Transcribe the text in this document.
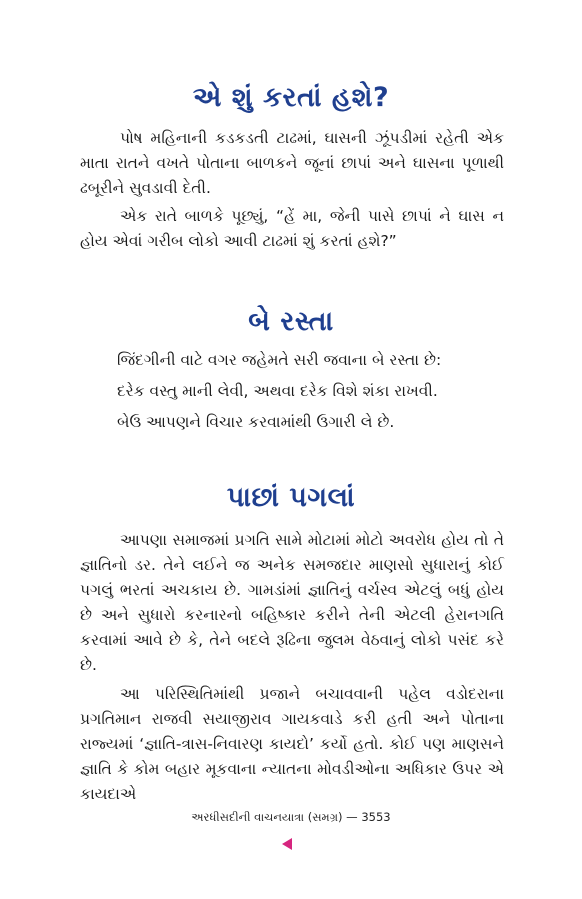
એ શું કરતાં હશે?
પોષ મહિનાની કડકડતી ટાઢમાં, ઘાસની ઝૂંપડીમાં રહેતી એક માતા રાતને વખતે પોતાના બાળકને જૂનાં છાપાં અને ઘાસના પૂળાથી ઢબૂરીને સુવડાવી દેતી.
એક રાતે બાળકે પૂછ્યું, “હેં મા, જેની પાસે છાપાં ને ઘાસ ન હોય એવાં ગરીબ લોકો આવી ટાઢમાં શું કરતાં હશે?”
બે રસ્તા
જિંદગીની વાટે વગર જહેમતે સરી જવાના બે રસ્તા છે:
દરેક વસ્તુ માની લેવી, અથવા દરેક વિશે શંકા રાખવી.
બેઉ આપણને વિચાર કરવામાંથી ઉગારી લે છે.
પાછાં પગલાં
આપણા સમાજમાં પ્રગતિ સામે મોટામાં મોટો અવરોધ હોય તો તે જ્ઞાતિનો ડર. તેને લઈને જ અનેક સમજદાર માણસો સુધારાનું કોઈ પગલું ભરતાં અચકાય છે. ગામડાંમાં જ્ઞાતિનું વર્ચસ્વ એટલું બધું હોય છે અને સુધારો કરનારનો બહિષ્કાર કરીને તેની એટલી હેરાનગતિ કરવામાં આવે છે કે, તેને બદલે રૂઢિના જુલમ વેઠવાનું લોકો પસંદ કરે છે.
આ પરિસ્થિતિમાંથી પ્રજાને બચાવવાની પહેલ વડોદરાના પ્રગતિમાન રાજવી સયાજીરાવ ગાયકવાડે કરી હતી અને પોતાના રાજ્યમાં ‘જ્ઞાતિ-ત્રાસ-નિવારણ કાયદો’ કર્યો હતો. કોઈ પણ માણસને જ્ઞાતિ કે કોમ બહાર મૂકવાના ન્યાતના મોવડીઓના અધિકાર ઉપર એ કાયદાએ
અરધીસદીની વાચનયાત્રા (સમગ્ર) — 3553
